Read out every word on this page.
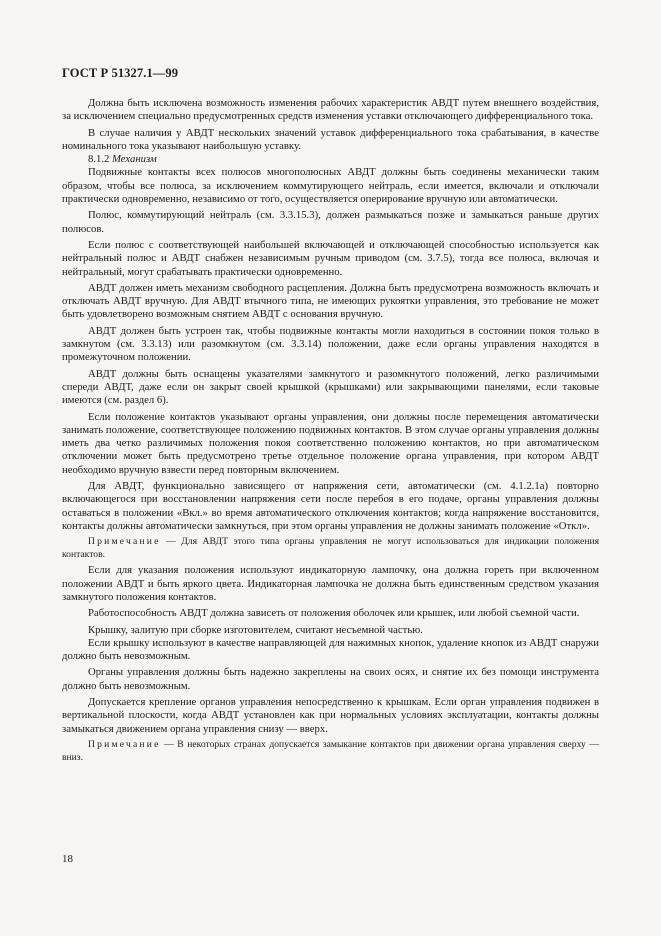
ГОСТ Р 51327.1—99

Должна быть исключена возможность изменения рабочих характеристик АВДТ путем внешнего воздействия, за исключением специально предусмотренных средств изменения уставки отключающего дифференциального тока.

В случае наличия у АВДТ нескольких значений уставок дифференциального тока срабатывания, в качестве номинального тока указывают наибольшую уставку.

8.1.2 Механизм

Подвижные контакты всех полюсов многополюсных АВДТ должны быть соединены механически таким образом, чтобы все полюса, за исключением коммутирующего нейтраль, если имеется, включали и отключали практически одновременно, независимо от того, осуществляется оперирование вручную или автоматически.

Полюс, коммутирующий нейтраль (см. 3.3.15.3), должен размыкаться позже и замыкаться раньше других полюсов.

Если полюс с соответствующей наибольшей включающей и отключающей способностью используется как нейтральный полюс и АВДТ снабжен независимым ручным приводом (см. 3.7.5), тогда все полюса, включая и нейтральный, могут срабатывать практически одновременно.

АВДТ должен иметь механизм свободного расцепления. Должна быть предусмотрена возможность включать и отключать АВДТ вручную. Для АВДТ втычного типа, не имеющих рукоятки управления, это требование не может быть удовлетворено возможным снятием АВДТ с основания вручную.

АВДТ должен быть устроен так, чтобы подвижные контакты могли находиться в состоянии покоя только в замкнутом (см. 3.3.13) или разомкнутом (см. 3.3.14) положении, даже если органы управления находятся в промежуточном положении.

АВДТ должны быть оснащены указателями замкнутого и разомкнутого положений, легко различимыми спереди АВДТ, даже если он закрыт своей крышкой (крышками) или закрывающими панелями, если таковые имеются (см. раздел 6).

Если положение контактов указывают органы управления, они должны после перемещения автоматически занимать положение, соответствующее положению подвижных контактов. В этом случае органы управления должны иметь два четко различимых положения покоя соответственно положению контактов, но при автоматическом отключении может быть предусмотрено третье отдельное положение органа управления, при котором АВДТ необходимо вручную взвести перед повторным включением.

Для АВДТ, функционально зависящего от напряжения сети, автоматически (см. 4.1.2.1а) повторно включающегося при восстановлении напряжения сети после перебоя в его подаче, органы управления должны оставаться в положении «Вкл.» во время автоматического отключения контактов; когда напряжение восстановится, контакты должны автоматически замкнуться, при этом органы управления не должны занимать положение «Откл».

Примечание — Для АВДТ этого типа органы управления не могут использоваться для индикации положения контактов.

Если для указания положения используют индикаторную лампочку, она должна гореть при включенном положении АВДТ и быть яркого цвета. Индикаторная лампочка не должна быть единственным средством указания замкнутого положения контактов.

Работоспособность АВДТ должна зависеть от положения оболочек или крышек, или любой съемной части.

Крышку, залитую при сборке изготовителем, считают несъемной частью.

Если крышку используют в качестве направляющей для нажимных кнопок, удаление кнопок из АВДТ снаружи должно быть невозможным.

Органы управления должны быть надежно закреплены на своих осях, и снятие их без помощи инструмента должно быть невозможным.

Допускается крепление органов управления непосредственно к крышкам. Если орган управления подвижен в вертикальной плоскости, когда АВДТ установлен как при нормальных условиях эксплуатации, контакты должны замыкаться движением органа управления снизу — вверх.

Примечание — В некоторых странах допускается замыкание контактов при движении органа управления сверху — вниз.

18
